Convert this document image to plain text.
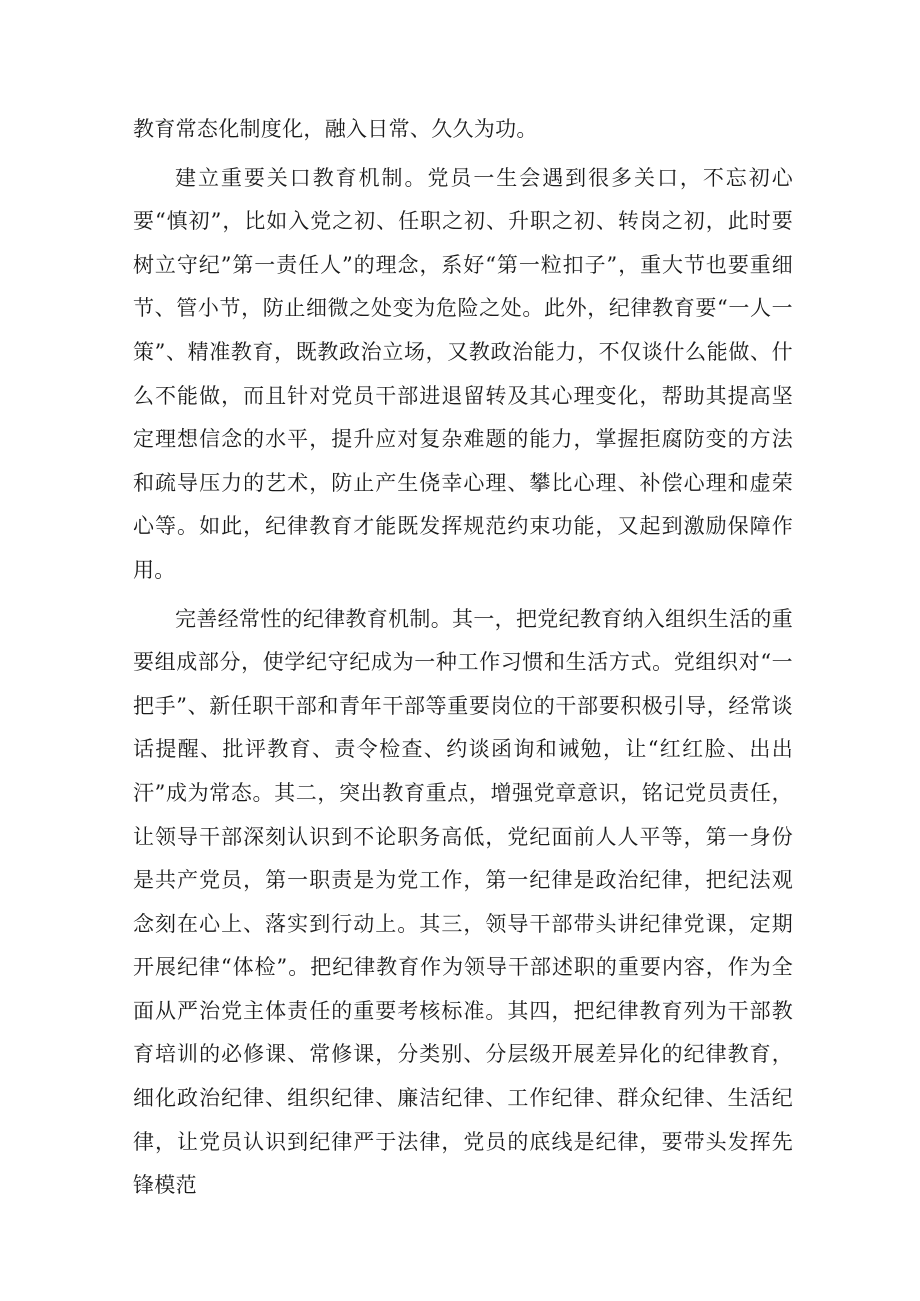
教育常态化制度化，融入日常、久久为功。

建立重要关口教育机制。党员一生会遇到很多关口，不忘初心要“慎初”，比如入党之初、任职之初、升职之初、转岗之初，此时要树立守纪”第一责任人”的理念，系好“第一粒扣子”，重大节也要重细节、管小节，防止细微之处变为危险之处。此外，纪律教育要“一人一策”、精准教育，既教政治立场，又教政治能力，不仅谈什么能做、什么不能做，而且针对党员干部进退留转及其心理变化，帮助其提高坚定理想信念的水平，提升应对复杂难题的能力，掌握拒腐防变的方法和疏导压力的艺术，防止产生侥幸心理、攀比心理、补偿心理和虚荣心等。如此，纪律教育才能既发挥规范约束功能，又起到激励保障作用。

完善经常性的纪律教育机制。其一，把党纪教育纳入组织生活的重要组成部分，使学纪守纪成为一种工作习惯和生活方式。党组织对“一把手”、新任职干部和青年干部等重要岗位的干部要积极引导，经常谈话提醒、批评教育、责令检查、约谈函询和诫勉，让“红红脸、出出汗”成为常态。其二，突出教育重点，增强党章意识，铭记党员责任，让领导干部深刻认识到不论职务高低，党纪面前人人平等，第一身份是共产党员，第一职责是为党工作，第一纪律是政治纪律，把纪法观念刻在心上、落实到行动上。其三，领导干部带头讲纪律党课，定期开展纪律“体检”。把纪律教育作为领导干部述职的重要内容，作为全面从严治党主体责任的重要考核标准。其四，把纪律教育列为干部教育培训的必修课、常修课，分类别、分层级开展差异化的纪律教育，细化政治纪律、组织纪律、廉洁纪律、工作纪律、群众纪律、生活纪律，让党员认识到纪律严于法律，党员的底线是纪律，要带头发挥先锋模范
